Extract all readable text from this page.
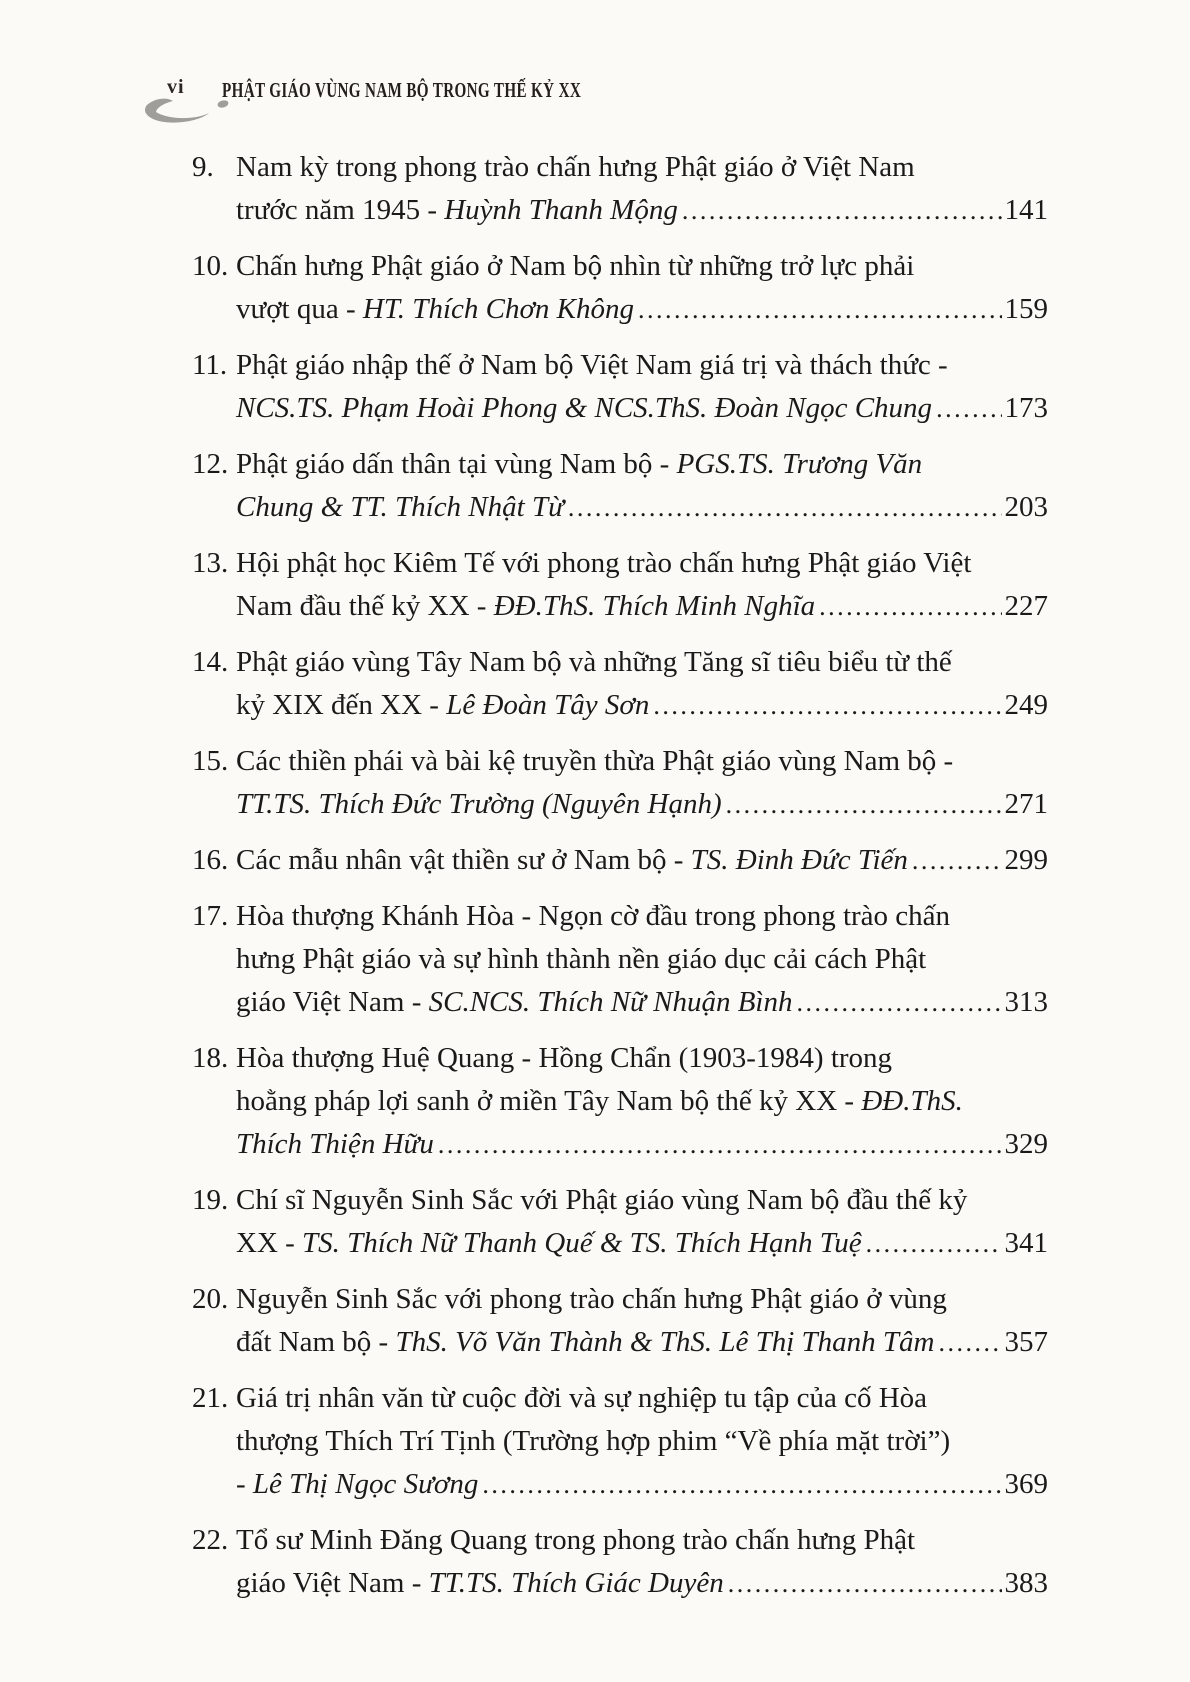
vi PHẬT GIÁO VÙNG NAM BỘ TRONG THẾ KỶ XX
9. Nam kỳ trong phong trào chấn hưng Phật giáo ở Việt Nam
trước năm 1945 - Huỳnh Thanh Mộng .....	141
10. Chấn hưng Phật giáo ở Nam bộ nhìn từ những trở lực phải
vượt qua - HT. Thích Chơn Không .....	159
11. Phật giáo nhập thế ở Nam bộ Việt Nam giá trị và thách thức -
NCS.TS. Phạm Hoài Phong & NCS.ThS. Đoàn Ngọc Chung ..... 173
12. Phật giáo dấn thân tại vùng Nam bộ - PGS.TS. Trương Văn
Chung & TT. Thích Nhật Từ .....	203
13. Hội phật học Kiêm Tế với phong trào chấn hưng Phật giáo Việt
Nam đầu thế kỷ XX - ĐĐ.ThS. Thích Minh Nghĩa .....	227
14. Phật giáo vùng Tây Nam bộ và những Tăng sĩ tiêu biểu từ thế
kỷ XIX đến XX - Lê Đoàn Tây Sơn .....	249
15. Các thiền phái và bài kệ truyền thừa Phật giáo vùng Nam bộ -
TT.TS. Thích Đức Trường (Nguyên Hạnh) .....	271
16. Các mẫu nhân vật thiền sư ở Nam bộ - TS. Đinh Đức Tiến .....	299
17. Hòa thượng Khánh Hòa - Ngọn cờ đầu trong phong trào chấn
hưng Phật giáo và sự hình thành nền giáo dục cải cách Phật
giáo Việt Nam - SC.NCS. Thích Nữ Nhuận Bình .....	313
18. Hòa thượng Huệ Quang - Hồng Chẩn (1903-1984) trong
hoằng pháp lợi sanh ở miền Tây Nam bộ thế kỷ XX - ĐĐ.ThS.
Thích Thiện Hữu .....	329
19. Chí sĩ Nguyễn Sinh Sắc với Phật giáo vùng Nam bộ đầu thế kỷ
XX - TS. Thích Nữ Thanh Quế & TS. Thích Hạnh Tuệ .....	341
20. Nguyễn Sinh Sắc với phong trào chấn hưng Phật giáo ở vùng
đất Nam bộ - ThS. Võ Văn Thành & ThS. Lê Thị Thanh Tâm ..... 357
21. Giá trị nhân văn từ cuộc đời và sự nghiệp tu tập của cố Hòa
thượng Thích Trí Tịnh (Trường hợp phim “Về phía mặt trời”)
- Lê Thị Ngọc Sương .....	369
22. Tổ sư Minh Đăng Quang trong phong trào chấn hưng Phật
giáo Việt Nam - TT.TS. Thích Giác Duyên .....	383
